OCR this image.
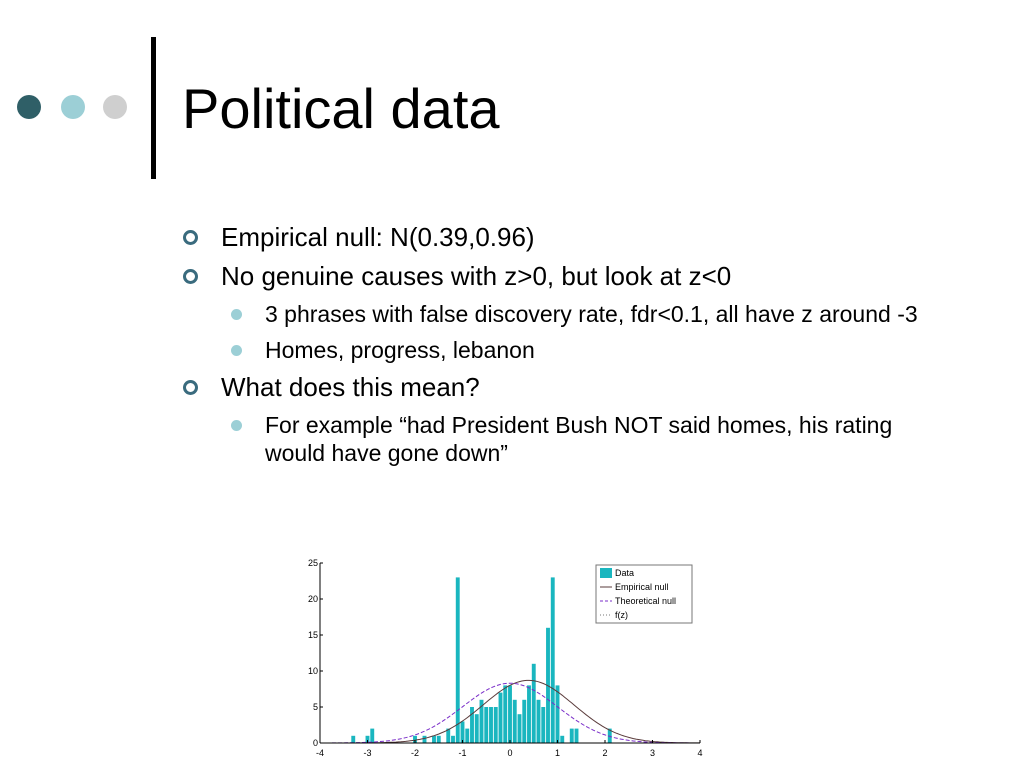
Political data
Empirical null: N(0.39,0.96)
No genuine causes with z>0, but look at z<0
3 phrases with false discovery rate, fdr<0.1, all have z around -3
Homes, progress, lebanon
What does this mean?
For example “had President Bush NOT said homes, his rating would have gone down”
0
5
10
15
20
25
-4	-3	-2	-1	0	1	2	3	4
Data
Empirical null
Theoretical null
f(z)
